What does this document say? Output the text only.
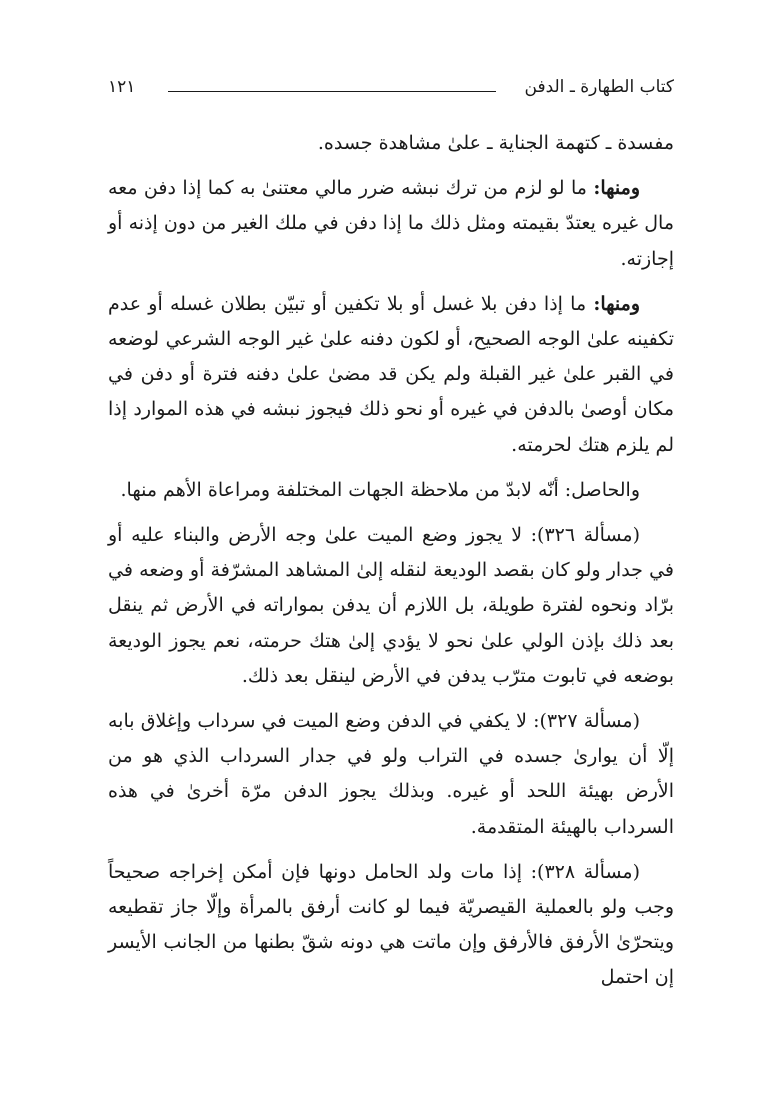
كتاب الطهارة ـ الدفن
١٢١

مفسدة ـ كتهمة الجناية ـ علىٰ مشاهدة جسده.

ومنها: ما لو لزم من ترك نبشه ضرر مالي معتنىٰ به كما إذا دفن معه مال غيره يعتدّ بقيمته ومثل ذلك ما إذا دفن في ملك الغير من دون إذنه أو إجازته.

ومنها: ما إذا دفن بلا غسل أو بلا تكفين أو تبيّن بطلان غسله أو عدم تكفينه علىٰ الوجه الصحيح، أو لكون دفنه علىٰ غير الوجه الشرعي لوضعه في القبر علىٰ غير القبلة ولم يكن قد مضىٰ علىٰ دفنه فترة أو دفن في مكان أوصىٰ بالدفن في غيره أو نحو ذلك فيجوز نبشه في هذه الموارد إذا لم يلزم هتك لحرمته.

والحاصل: أنّه لابدّ من ملاحظة الجهات المختلفة ومراعاة الأهم منها.

(مسألة ٣٢٦): لا يجوز وضع الميت علىٰ وجه الأرض والبناء عليه أو في جدار ولو كان بقصد الوديعة لنقله إلىٰ المشاهد المشرّفة أو وضعه في برّاد ونحوه لفترة طويلة، بل اللازم أن يدفن بمواراته في الأرض ثم ينقل بعد ذلك بإذن الولي علىٰ نحو لا يؤدي إلىٰ هتك حرمته، نعم يجوز الوديعة بوضعه في تابوت مترّب يدفن في الأرض لينقل بعد ذلك.

(مسألة ٣٢٧): لا يكفي في الدفن وضع الميت في سرداب وإغلاق بابه إلّا أن يوارىٰ جسده في التراب ولو في جدار السرداب الذي هو من الأرض بهيئة اللحد أو غيره. وبذلك يجوز الدفن مرّة أخرىٰ في هذه السرداب بالهيئة المتقدمة.

(مسألة ٣٢٨): إذا مات ولد الحامل دونها فإن أمكن إخراجه صحيحاً وجب ولو بالعملية القيصريّة فيما لو كانت أرفق بالمرأة وإلّا جاز تقطيعه ويتحرّىٰ الأرفق فالأرفق وإن ماتت هي دونه شقّ بطنها من الجانب الأيسر إن احتمل
